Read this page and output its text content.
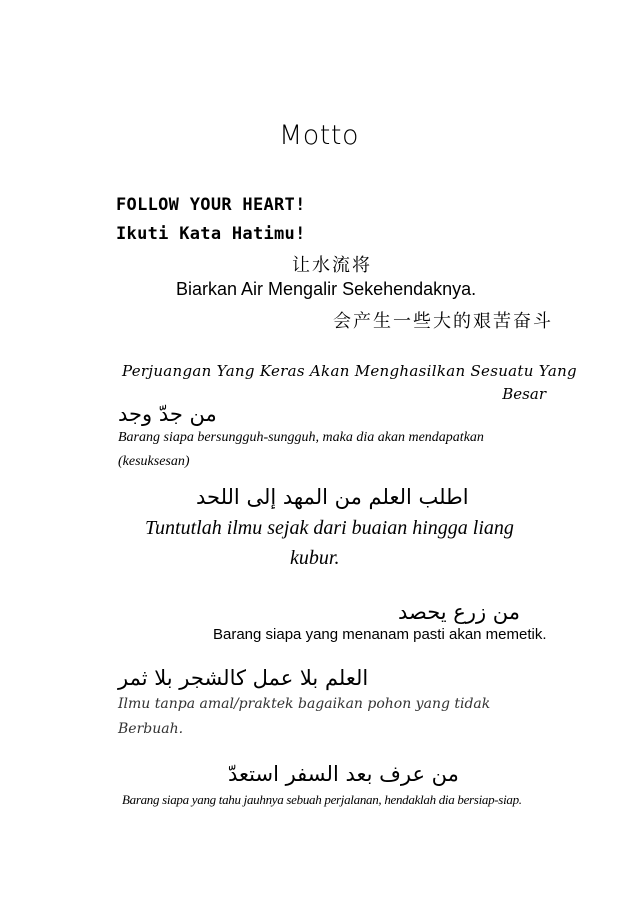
Motto
FOLLOW YOUR HEART!
Ikuti Kata Hatimu!
让水流将
Biarkan Air Mengalir Sekehendaknya.
会产生一些大的艰苦奋斗
Perjuangan Yang Keras Akan Menghasilkan Sesuatu Yang
Besar
من جدّ وجد
Barang siapa bersungguh-sungguh, maka dia akan mendapatkan
(kesuksesan)
اطلب العلم من المهد إلى اللحد
Tuntutlah ilmu sejak dari buaian hingga liang
kubur.
من زرع يحصد
Barang siapa yang menanam pasti akan memetik.
العلم بلا عمل كالشجر بلا ثمر
Ilmu tanpa amal/praktek bagaikan pohon yang tidak
Berbuah.
من عرف بعد السفر استعدّ
Barang siapa yang tahu jauhnya sebuah perjalanan, hendaklah dia bersiap-siap.
